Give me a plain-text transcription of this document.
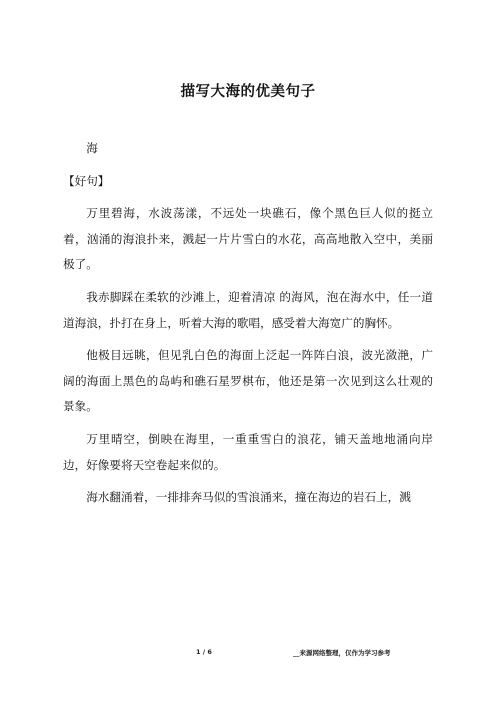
描写大海的优美句子

海

【好句】

万里碧海，水波荡漾，不远处一块礁石，像个黑色巨人似的挺立着，汹涌的海浪扑来，溅起一片片雪白的水花，高高地散入空中，美丽极了。

我赤脚踩在柔软的沙滩上，迎着清凉 的海风，泡在海水中，任一道道海浪，扑打在身上，听着大海的歌唱，感受着大海宽广的胸怀。

他极目远眺，但见乳白色的海面上泛起一阵阵白浪，波光潋滟，广阔的海面上黑色的岛屿和礁石星罗棋布，他还是第一次见到这么壮观的景象。

万里晴空，倒映在海里，一重重雪白的浪花，铺天盖地地涌向岸边，好像要将天空卷起来似的。

海水翻涌着，一排排奔马似的雪浪涌来，撞在海边的岩石上，溅

1 / 6	__来源网络整理，仅作为学习参考
